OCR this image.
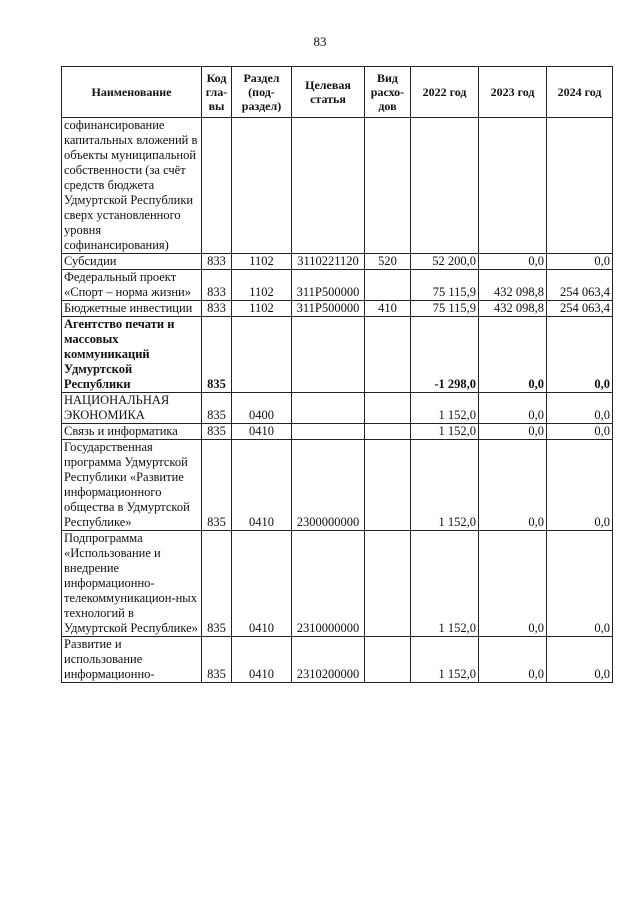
83
Наименование	Код гла-вы	Раздел (под-раздел)	Целевая статья	Вид расхо-дов	2022 год	2023 год	2024 год
софинансирование капитальных вложений в объекты муниципальной собственности (за счёт средств бюджета Удмуртской Республики сверх установленного уровня софинансирования)							
Субсидии	833	1102	3110221120	520	52 200,0	0,0	0,0
Федеральный проект «Спорт – норма жизни»	833	1102	311P500000		75 115,9	432 098,8	254 063,4
Бюджетные инвестиции	833	1102	311P500000	410	75 115,9	432 098,8	254 063,4
Агентство печати и массовых коммуникаций Удмуртской Республики	835				-1 298,0	0,0	0,0
НАЦИОНАЛЬНАЯ ЭКОНОМИКА	835	0400			1 152,0	0,0	0,0
Связь и информатика	835	0410			1 152,0	0,0	0,0
Государственная программа Удмуртской Республики «Развитие информационного общества в Удмуртской Республике»	835	0410	2300000000		1 152,0	0,0	0,0
Подпрограмма «Использование и внедрение информационно-телекоммуникацион-ных технологий в Удмуртской Республике»	835	0410	2310000000		1 152,0	0,0	0,0
Развитие и использование информационно-	835	0410	2310200000		1 152,0	0,0	0,0
